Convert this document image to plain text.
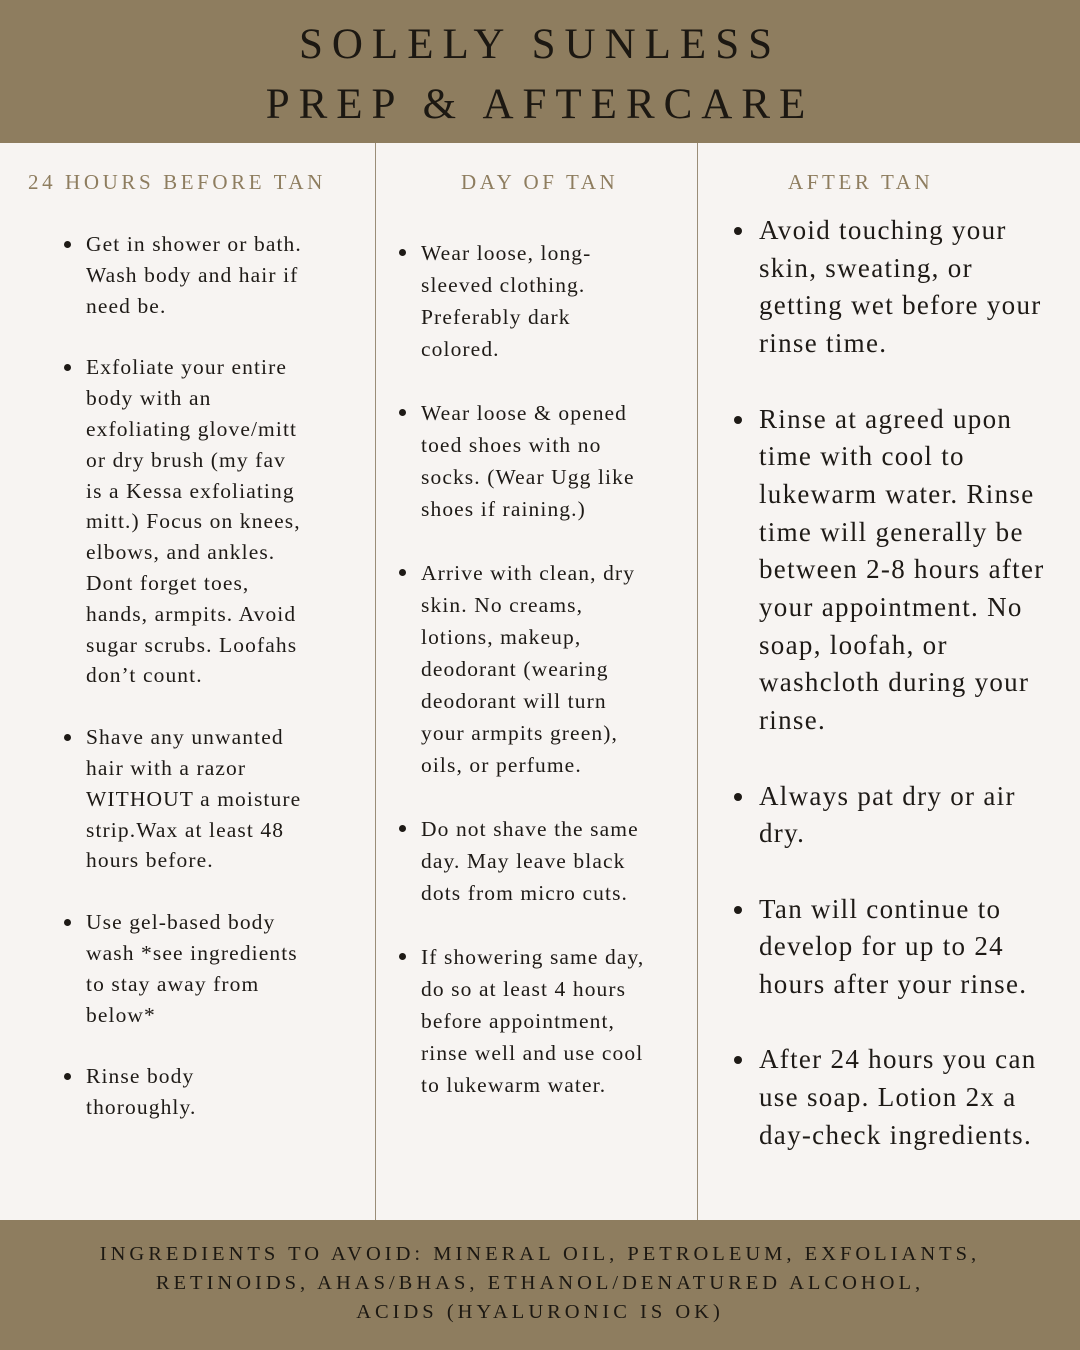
SOLELY SUNLESS
PREP & AFTERCARE
24 HOURS BEFORE TAN	DAY OF TAN	AFTER TAN
Get in shower or bath.
Wash body and hair if
need be.
Exfoliate your entire
body with an
exfoliating glove/mitt
or dry brush (my fav
is a Kessa exfoliating
mitt.) Focus on knees,
elbows, and ankles.
Dont forget toes,
hands, armpits. Avoid
sugar scrubs. Loofahs
don’t count.
Shave any unwanted
hair with a razor
WITHOUT a moisture
strip.Wax at least 48
hours before.
Use gel-based body
wash *see ingredients
to stay away from
below*
Rinse body
thoroughly.
Wear loose, long-
sleeved clothing.
Preferably dark
colored.
Wear loose & opened
toed shoes with no
socks. (Wear Ugg like
shoes if raining.)
Arrive with clean, dry
skin. No creams,
lotions, makeup,
deodorant (wearing
deodorant will turn
your armpits green),
oils, or perfume.
Do not shave the same
day. May leave black
dots from micro cuts.
If showering same day,
do so at least 4 hours
before appointment,
rinse well and use cool
to lukewarm water.
Avoid touching your
skin, sweating, or
getting wet before your
rinse time.
Rinse at agreed upon
time with cool to
lukewarm water. Rinse
time will generally be
between 2-8 hours after
your appointment. No
soap, loofah, or
washcloth during your
rinse.
Always pat dry or air
dry.
Tan will continue to
develop for up to 24
hours after your rinse.
After 24 hours you can
use soap. Lotion 2x a
day-check ingredients.
INGREDIENTS TO AVOID: MINERAL OIL, PETROLEUM, EXFOLIANTS,
RETINOIDS, AHAS/BHAS, ETHANOL/DENATURED ALCOHOL,
ACIDS (HYALURONIC IS OK)
